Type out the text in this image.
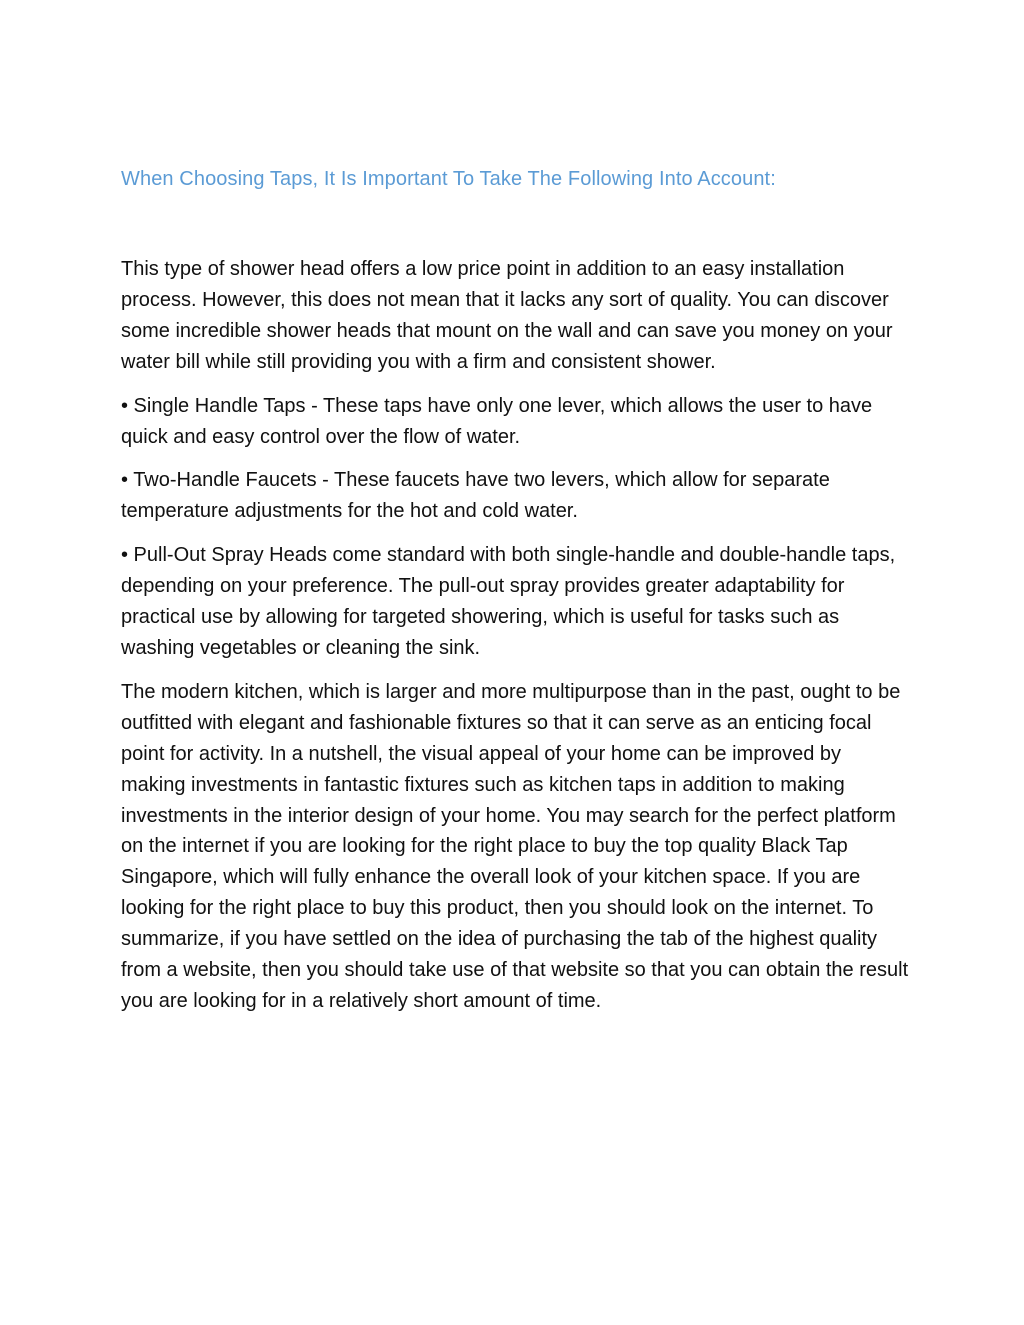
When Choosing Taps, It Is Important To Take The Following Into Account:

This type of shower head offers a low price point in addition to an easy installation process. However, this does not mean that it lacks any sort of quality. You can discover some incredible shower heads that mount on the wall and can save you money on your water bill while still providing you with a firm and consistent shower.

• Single Handle Taps - These taps have only one lever, which allows the user to have quick and easy control over the flow of water.

• Two-Handle Faucets - These faucets have two levers, which allow for separate temperature adjustments for the hot and cold water.

• Pull-Out Spray Heads come standard with both single-handle and double-handle taps, depending on your preference. The pull-out spray provides greater adaptability for practical use by allowing for targeted showering, which is useful for tasks such as washing vegetables or cleaning the sink.

The modern kitchen, which is larger and more multipurpose than in the past, ought to be outfitted with elegant and fashionable fixtures so that it can serve as an enticing focal point for activity. In a nutshell, the visual appeal of your home can be improved by making investments in fantastic fixtures such as kitchen taps in addition to making investments in the interior design of your home. You may search for the perfect platform on the internet if you are looking for the right place to buy the top quality Black Tap Singapore, which will fully enhance the overall look of your kitchen space. If you are looking for the right place to buy this product, then you should look on the internet. To summarize, if you have settled on the idea of purchasing the tab of the highest quality from a website, then you should take use of that website so that you can obtain the result you are looking for in a relatively short amount of time.
